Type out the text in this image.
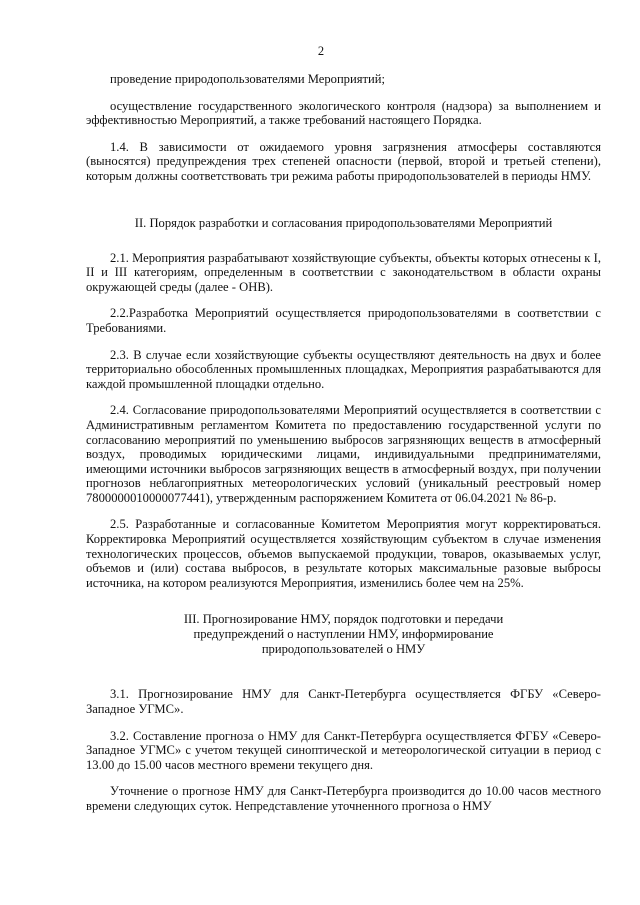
2

проведение природопользователями Мероприятий;

осуществление государственного экологического контроля (надзора) за выполнением и эффективностью Мероприятий, а также требований настоящего Порядка.

1.4. В зависимости от ожидаемого уровня загрязнения атмосферы составляются (выносятся) предупреждения трех степеней опасности (первой, второй и третьей степени), которым должны соответствовать три режима работы природопользователей в периоды НМУ.

II. Порядок разработки и согласования природопользователями Мероприятий

2.1. Мероприятия разрабатывают хозяйствующие субъекты, объекты которых отнесены к I, II и III категориям, определенным в соответствии с законодательством в области охраны окружающей среды (далее - ОНВ).

2.2.Разработка Мероприятий осуществляется природопользователями в соответствии с Требованиями.

2.3. В случае если хозяйствующие субъекты осуществляют деятельность на двух и более территориально обособленных промышленных площадках, Мероприятия разрабатываются для каждой промышленной площадки отдельно.

2.4. Согласование природопользователями Мероприятий осуществляется в соответствии с Административным регламентом Комитета по предоставлению государственной услуги по согласованию мероприятий по уменьшению выбросов загрязняющих веществ в атмосферный воздух, проводимых юридическими лицами, индивидуальными предпринимателями, имеющими источники выбросов загрязняющих веществ в атмосферный воздух, при получении прогнозов неблагоприятных метеорологических условий (уникальный реестровый номер 7800000010000077441), утвержденным распоряжением Комитета от 06.04.2021 № 86-р.

2.5. Разработанные и согласованные Комитетом Мероприятия могут корректироваться. Корректировка Мероприятий осуществляется хозяйствующим субъектом в случае изменения технологических процессов, объемов выпускаемой продукции, товаров, оказываемых услуг, объемов и (или) состава выбросов, в результате которых максимальные разовые выбросы источника, на котором реализуются Мероприятия, изменились более чем на 25%.

III. Прогнозирование НМУ, порядок подготовки и передачи

предупреждений о наступлении НМУ, информирование

природопользователей о НМУ

3.1. Прогнозирование НМУ для Санкт-Петербурга осуществляется ФГБУ «Северо-Западное УГМС».

3.2. Составление прогноза о НМУ для Санкт-Петербурга осуществляется ФГБУ «Северо-Западное УГМС» с учетом текущей синоптической и метеорологической ситуации в период с 13.00 до 15.00 часов местного времени текущего дня.

Уточнение о прогнозе НМУ для Санкт-Петербурга производится до 10.00 часов местного времени следующих суток. Непредставление уточненного прогноза о НМУ
